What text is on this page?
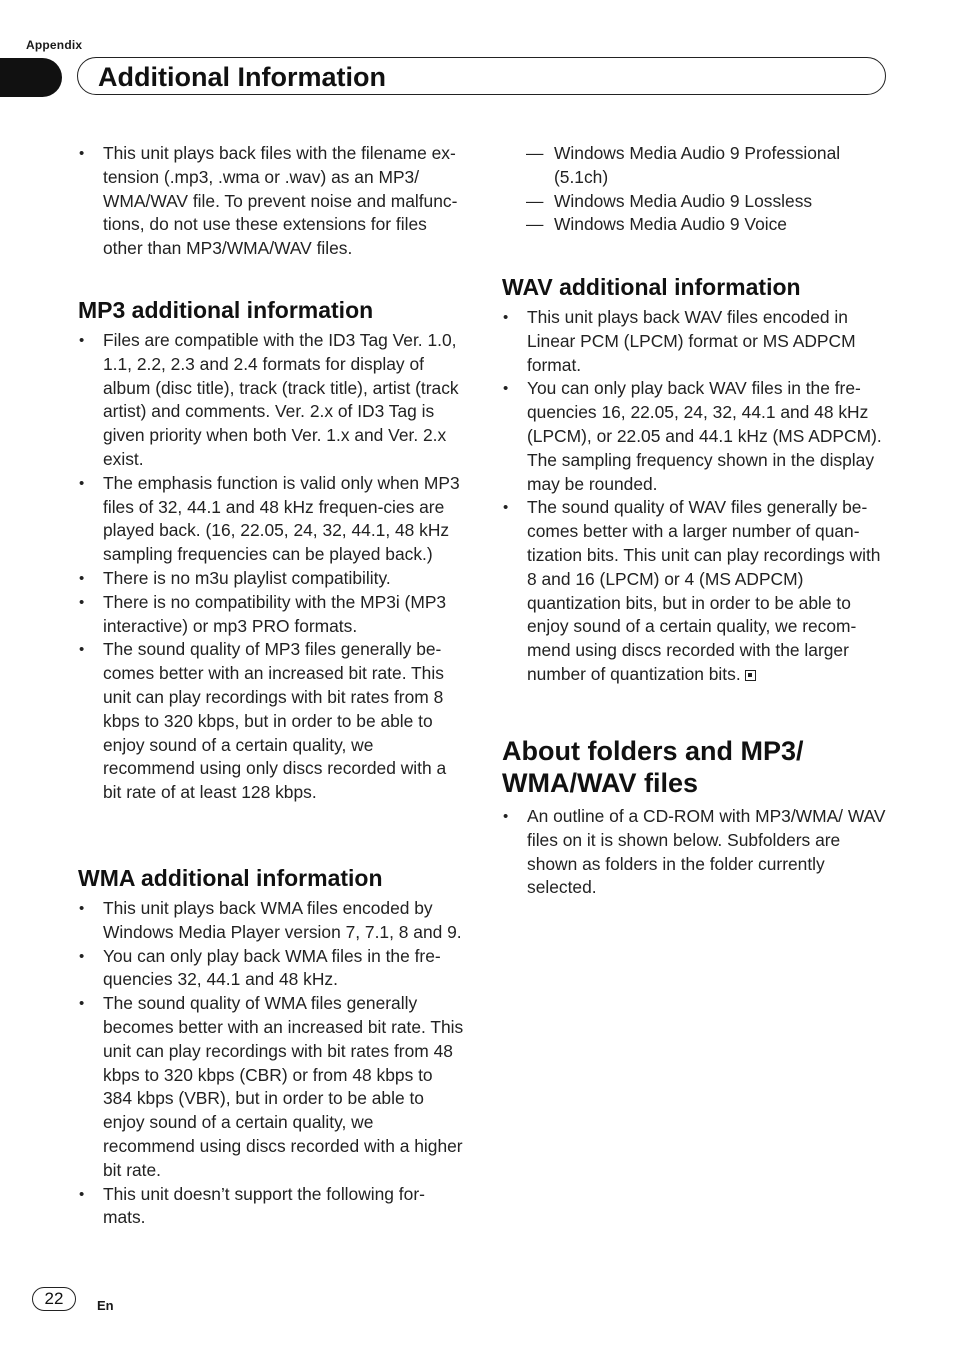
Appendix
Additional Information
• This unit plays back files with the filename ex-tension (.mp3, .wma or .wav) as an MP3/ WMA/WAV file. To prevent noise and malfunc-tions, do not use these extensions for files other than MP3/WMA/WAV files.
MP3 additional information
• Files are compatible with the ID3 Tag Ver. 1.0, 1.1, 2.2, 2.3 and 2.4 formats for display of album (disc title), track (track title), artist (track artist) and comments. Ver. 2.x of ID3 Tag is given priority when both Ver. 1.x and Ver. 2.x exist.
• The emphasis function is valid only when MP3 files of 32, 44.1 and 48 kHz frequen-cies are played back. (16, 22.05, 24, 32, 44.1, 48 kHz sampling frequencies can be played back.)
• There is no m3u playlist compatibility.
• There is no compatibility with the MP3i (MP3 interactive) or mp3 PRO formats.
• The sound quality of MP3 files generally be-comes better with an increased bit rate. This unit can play recordings with bit rates from 8 kbps to 320 kbps, but in order to be able to enjoy sound of a certain quality, we recommend using only discs recorded with a bit rate of at least 128 kbps.
WMA additional information
• This unit plays back WMA files encoded by Windows Media Player version 7, 7.1, 8 and 9.
• You can only play back WMA files in the fre-quencies 32, 44.1 and 48 kHz.
• The sound quality of WMA files generally becomes better with an increased bit rate. This unit can play recordings with bit rates from 48 kbps to 320 kbps (CBR) or from 48 kbps to 384 kbps (VBR), but in order to be able to enjoy sound of a certain quality, we recommend using discs recorded with a higher bit rate.
• This unit doesn’t support the following for-mats.
— Windows Media Audio 9 Professional (5.1ch)
— Windows Media Audio 9 Lossless
— Windows Media Audio 9 Voice
WAV additional information
• This unit plays back WAV files encoded in Linear PCM (LPCM) format or MS ADPCM format.
• You can only play back WAV files in the fre-quencies 16, 22.05, 24, 32, 44.1 and 48 kHz (LPCM), or 22.05 and 44.1 kHz (MS ADPCM). The sampling frequency shown in the display may be rounded.
• The sound quality of WAV files generally be-comes better with a larger number of quan-tization bits. This unit can play recordings with 8 and 16 (LPCM) or 4 (MS ADPCM) quantization bits, but in order to be able to enjoy sound of a certain quality, we recom-mend using discs recorded with the larger number of quantization bits.
About folders and MP3/ WMA/WAV files
• An outline of a CD-ROM with MP3/WMA/ WAV files on it is shown below. Subfolders are shown as folders in the folder currently selected.
22	En
